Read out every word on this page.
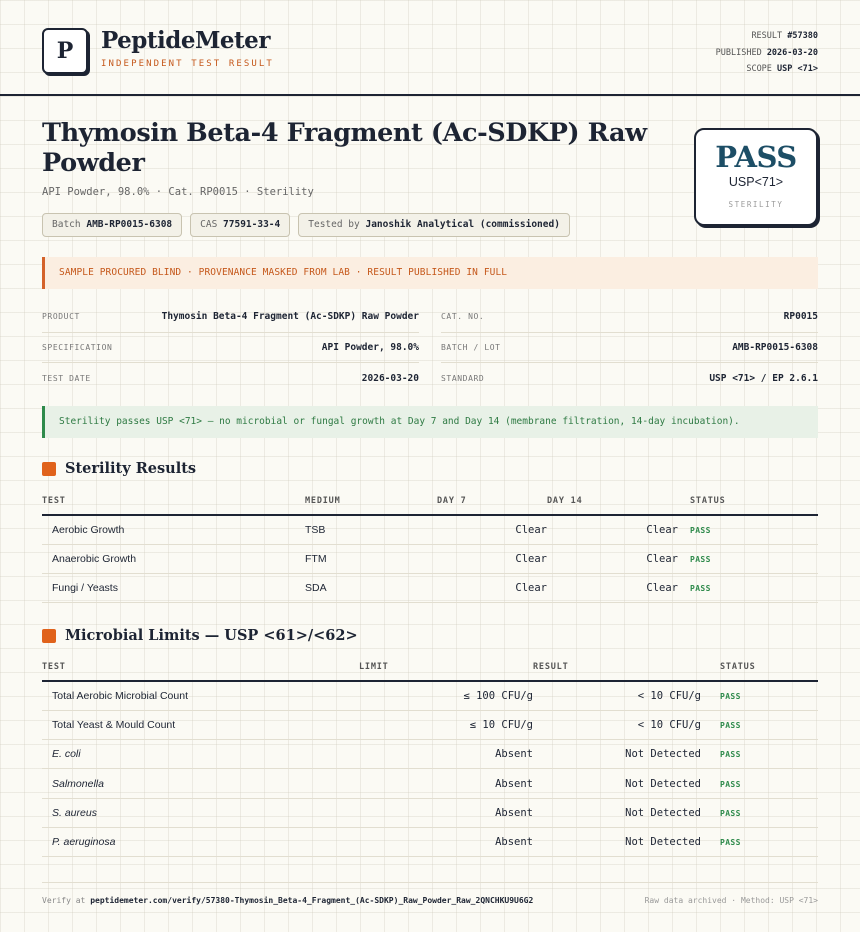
P	PeptideMeter
INDEPENDENT TEST RESULT
RESULT #57380
PUBLISHED 2026-03-20
SCOPE USP <71>
Thymosin Beta-4 Fragment (Ac-SDKP) Raw Powder
API Powder, 98.0% · Cat. RP0015 · Sterility
Batch AMB-RP0015-6308	CAS 77591-33-4	Tested by Janoshik Analytical (commissioned)
PASS
USP<71>
STERILITY
SAMPLE PROCURED BLIND · PROVENANCE MASKED FROM LAB · RESULT PUBLISHED IN FULL
PRODUCT	Thymosin Beta-4 Fragment (Ac-SDKP) Raw Powder
SPECIFICATION	API Powder, 98.0%
TEST DATE	2026-03-20
CAT. NO.	RP0015
BATCH / LOT	AMB-RP0015-6308
STANDARD	USP <71> / EP 2.6.1
Sterility passes USP <71> — no microbial or fungal growth at Day 7 and Day 14 (membrane filtration, 14-day incubation).
Sterility Results
TEST	MEDIUM	DAY 7	DAY 14	STATUS
Aerobic Growth	TSB	Clear	Clear	PASS
Anaerobic Growth	FTM	Clear	Clear	PASS
Fungi / Yeasts	SDA	Clear	Clear	PASS
Microbial Limits — USP <61>/<62>
TEST	LIMIT	RESULT	STATUS
Total Aerobic Microbial Count	≤ 100 CFU/g	< 10 CFU/g	PASS
Total Yeast & Mould Count	≤ 10 CFU/g	< 10 CFU/g	PASS
E. coli	Absent	Not Detected	PASS
Salmonella	Absent	Not Detected	PASS
S. aureus	Absent	Not Detected	PASS
P. aeruginosa	Absent	Not Detected	PASS
Verify at peptidemeter.com/verify/57380-Thymosin_Beta-4_Fragment_(Ac-SDKP)_Raw_Powder_Raw_2QNCHKU9U6G2	Raw data archived · Method: USP <71>
